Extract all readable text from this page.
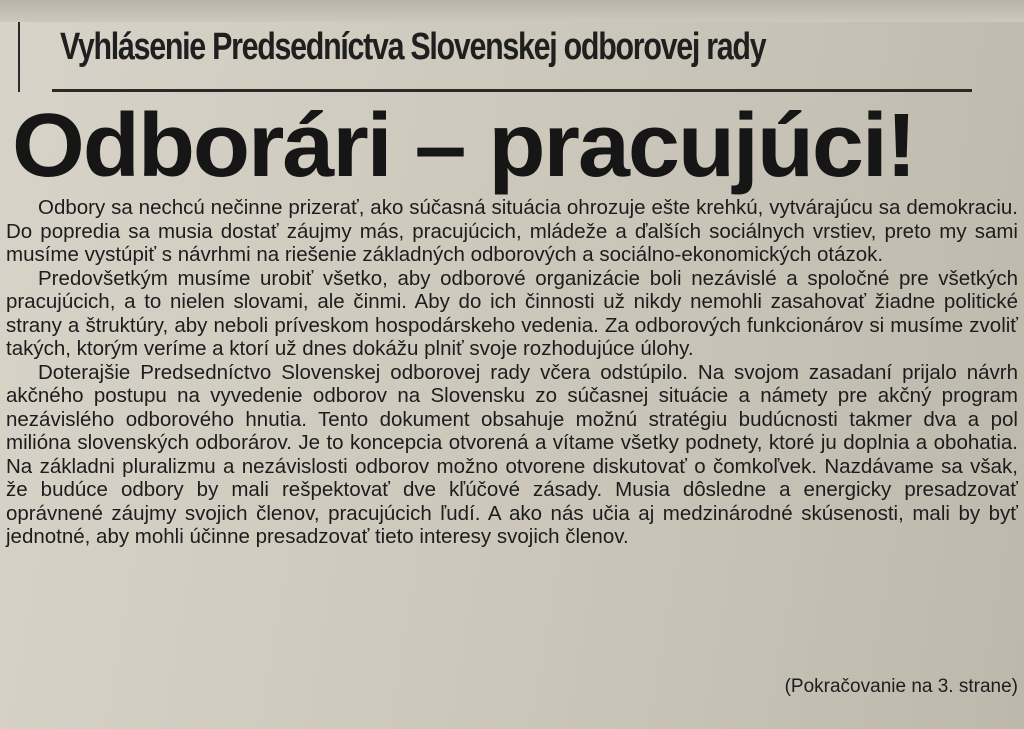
Vyhlásenie Predsedníctva Slovenskej odborovej rady
Odborári – pracujúci!

Odbory sa nechcú nečinne prizerať, ako súčasná situácia ohrozuje ešte krehkú, vytvárajúcu sa demokraciu. Do popredia sa musia dostať záujmy más, pracujúcich, mládeže a ďalších sociálnych vrstiev, preto my sami musíme vystúpiť s návrhmi na riešenie základných odborových a sociálno-ekonomických otázok.

Predovšetkým musíme urobiť všetko, aby odborové organizácie boli nezávislé a spoločné pre všetkých pracujúcich, a to nielen slovami, ale činmi. Aby do ich činnosti už nikdy nemohli zasahovať žiadne politické strany a štruktúry, aby neboli príveskom hospodárskeho vedenia. Za odborových funkcionárov si musíme zvoliť takých, ktorým veríme a ktorí už dnes dokážu plniť svoje rozhodujúce úlohy.

Doterajšie Predsedníctvo Slovenskej odborovej rady včera odstúpilo. Na svojom zasadaní prijalo návrh akčného postupu na vyvedenie odborov na Slovensku zo súčasnej situácie a námety pre akčný program nezávislého odborového hnutia. Tento dokument obsahuje možnú stratégiu budúcnosti takmer dva a pol milióna slovenských odborárov. Je to koncepcia otvorená a vítame všetky podnety, ktoré ju doplnia a obohatia. Na základni pluralizmu a nezávislosti odborov možno otvorene diskutovať o čomkoľvek. Nazdávame sa však, že budúce odbory by mali rešpektovať dve kľúčové zásady. Musia dôsledne a energicky presadzovať oprávnené záujmy svojich členov, pracujúcich ľudí. A ako nás učia aj medzinárodné skúsenosti, mali by byť jednotné, aby mohli účinne presadzovať tieto interesy svojich členov.

(Pokračovanie na 3. strane)
